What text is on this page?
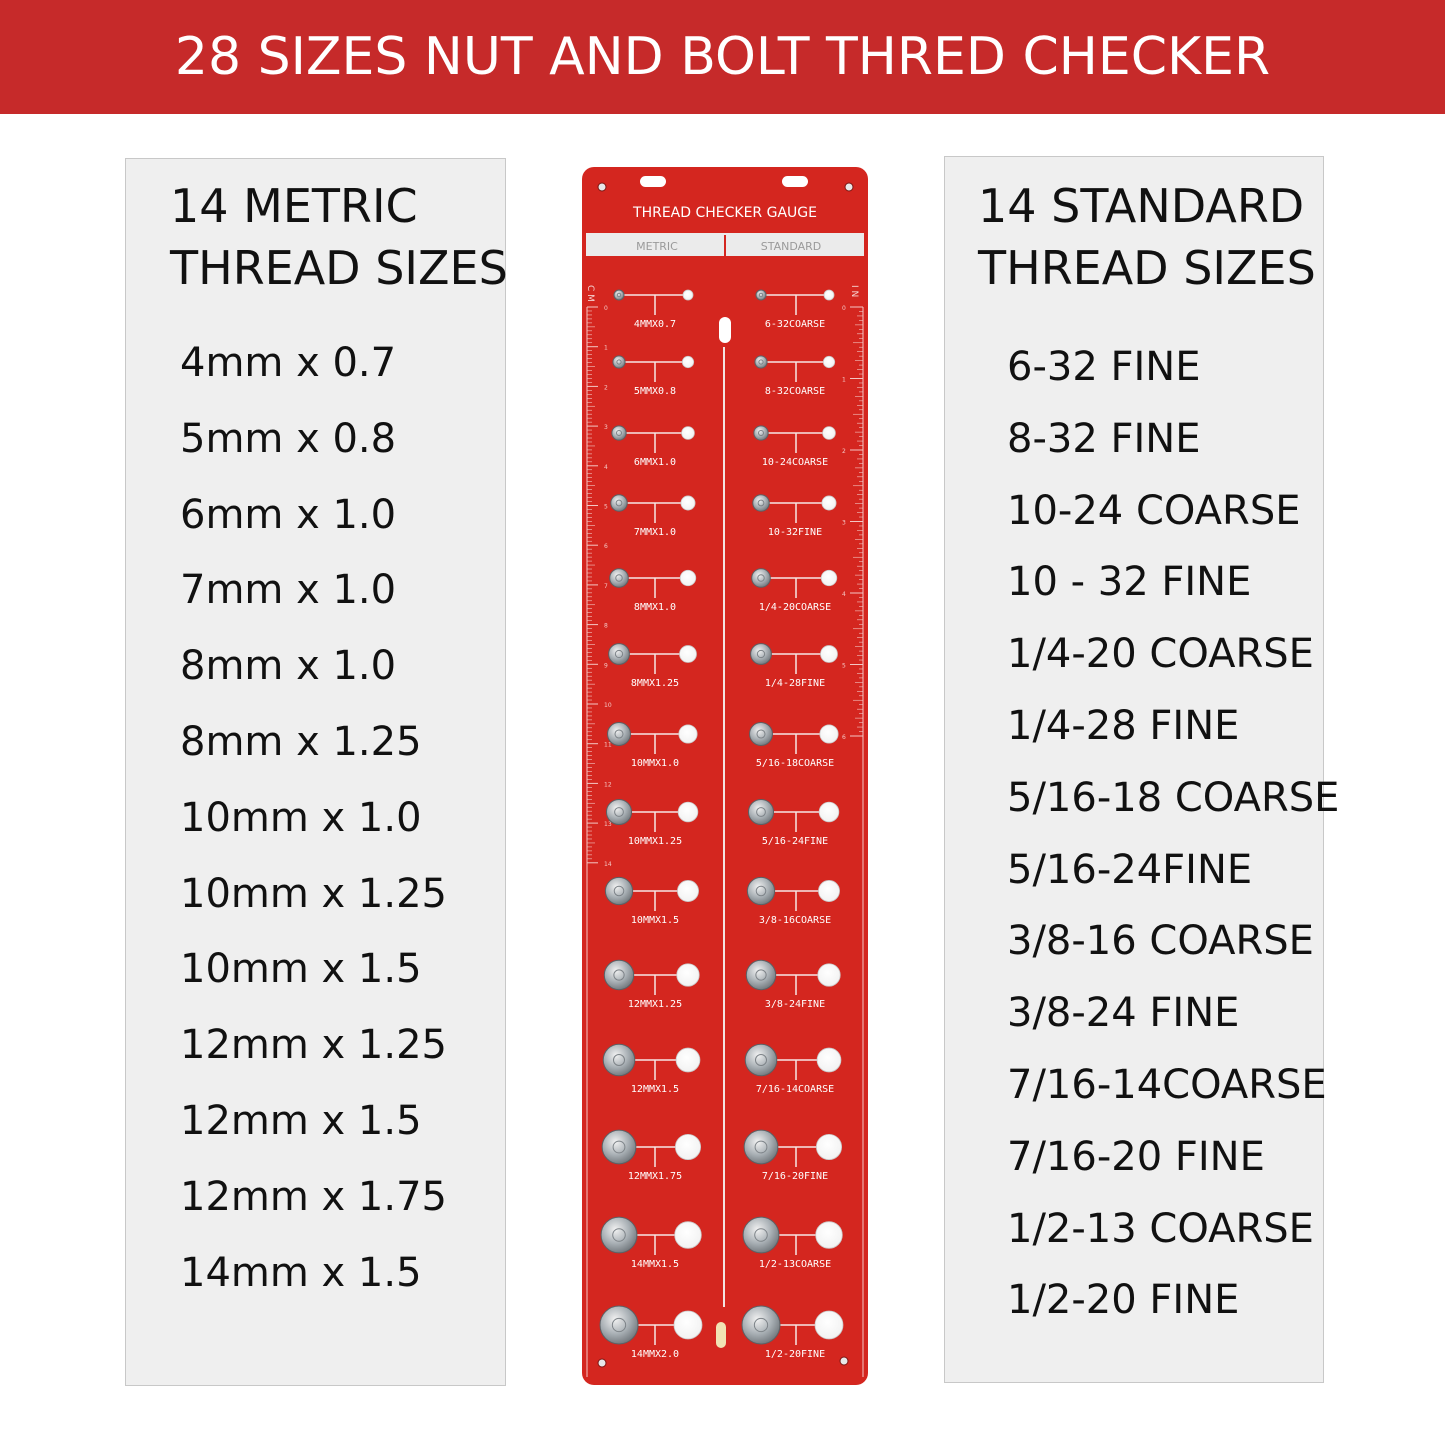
28 SIZES NUT AND BOLT THRED CHECKER
14 METRIC
THREAD SIZES
4mm x 0.7
5mm x 0.8
6mm x 1.0
7mm x 1.0
8mm x 1.0
8mm x 1.25
10mm x 1.0
10mm x 1.25
10mm x 1.5
12mm x 1.25
12mm x 1.5
12mm x 1.75
14mm x 1.5
14 STANDARD
THREAD SIZES
6-32 FINE
8-32 FINE
10-24 COARSE
10 - 32 FINE
1/4-20 COARSE
1/4-28 FINE
5/16-18 COARSE
5/16-24FINE
3/8-16 COARSE
3/8-24 FINE
7/16-14COARSE
7/16-20 FINE
1/2-13 COARSE
1/2-20 FINE
THREAD CHECKER GAUGE
METRIC	STANDARD
C M	I N
0
1
2
3
4
5
6
7
8
9
10
11
12
13
14
0
1
2
3
4
5
6
4MMX0.7
5MMX0.8
6MMX1.0
7MMX1.0
8MMX1.0
8MMX1.25
10MMX1.0
10MMX1.25
10MMX1.5
12MMX1.25
12MMX1.5
12MMX1.75
14MMX1.5
14MMX2.0
6-32COARSE
8-32COARSE
10-24COARSE
10-32FINE
1/4-20COARSE
1/4-28FINE
5/16-18COARSE
5/16-24FINE
3/8-16COARSE
3/8-24FINE
7/16-14COARSE
7/16-20FINE
1/2-13COARSE
1/2-20FINE
